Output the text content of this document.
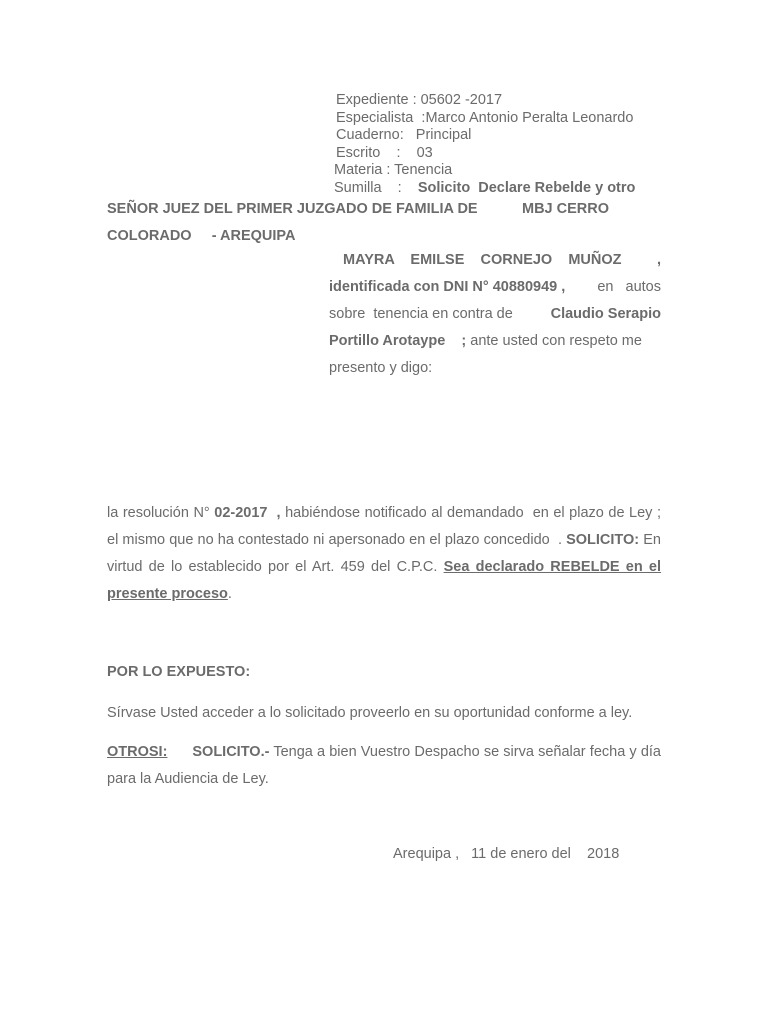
Expediente : 05602 -2017
Especialista :Marco Antonio Peralta Leonardo
Cuaderno :   Principal
Escrito :    03
Materia : Tenencia
Sumilla : Solicito  Declare Rebelde y otro
SEÑOR JUEZ DEL PRIMER JUZGADO DE FAMILIA DE	MBJ CERRO
COLORADO     - AREQUIPA
MAYRA    EMILSE    CORNEJO    MUÑOZ ,
identificada con DNI N° 40880949 , en   autos
sobre  tenencia en contra de Claudio Serapio
Portillo Arotaype    ; ante usted con respeto me
presento y digo:
la resolución N° 02-2017  , habiéndose notificado al demandado  en el plazo de Ley ; el mismo que no ha contestado ni apersonado en el plazo concedido  . SOLICITO: En virtud de lo establecido por el Art. 459 del C.P.C. Sea declarado REBELDE en el presente proceso.
POR LO EXPUESTO:
Sírvase Usted acceder a lo solicitado proveerlo en su oportunidad conforme a ley.
OTROSI:      SOLICITO.- Tenga a bien Vuestro Despacho se sirva señalar fecha y día para la Audiencia de Ley.
Arequipa ,   11 de enero del    2018
